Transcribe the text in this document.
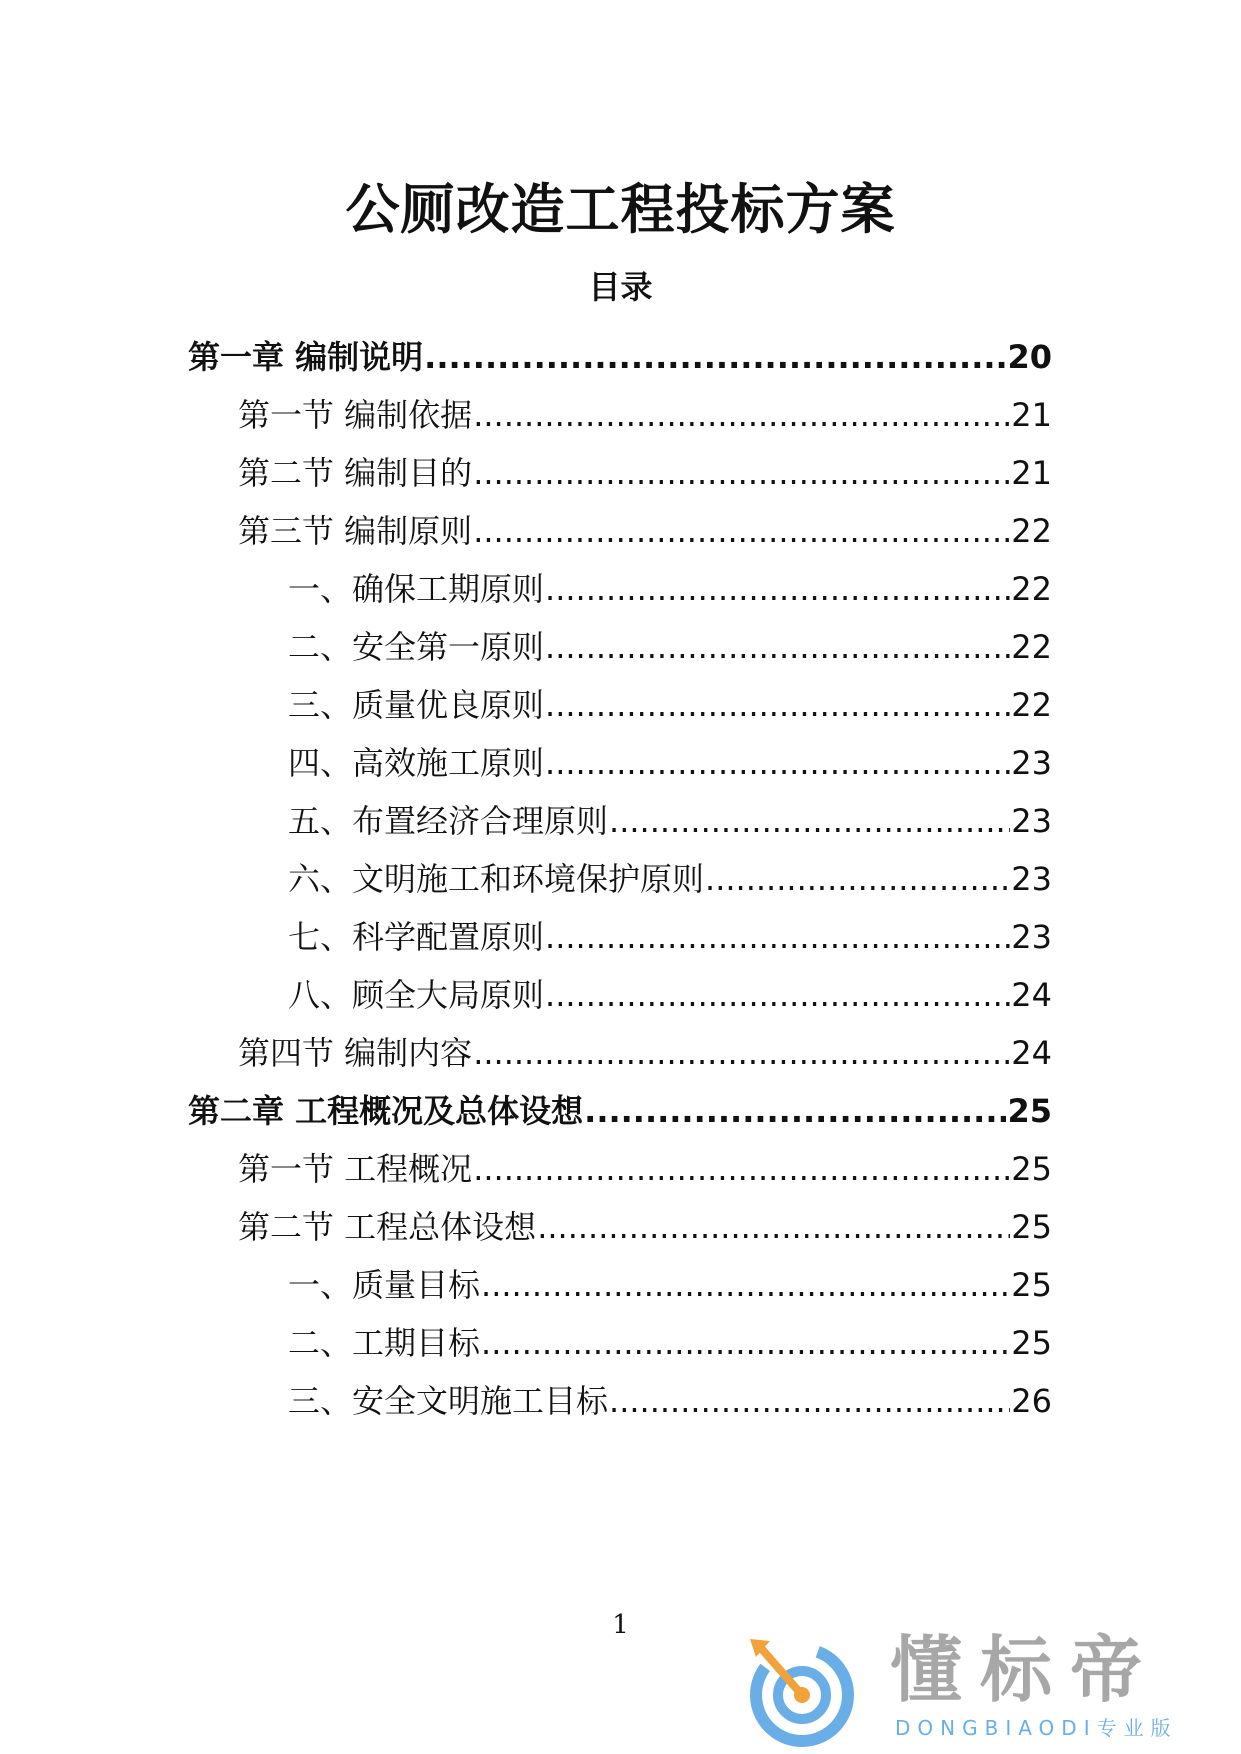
公厕改造工程投标方案
目录
第一章 编制说明 .....	20
第一节 编制依据 .....	21
第二节 编制目的 .....	21
第三节 编制原则 .....	22
一、确保工期原则 .....	22
二、安全第一原则 .....	22
三、质量优良原则 .....	22
四、高效施工原则 .....	23
五、布置经济合理原则 .....	23
六、文明施工和环境保护原则 .....	23
七、科学配置原则 .....	23
八、顾全大局原则 .....	24
第四节 编制内容 .....	24
第二章 工程概况及总体设想 .....	25
第一节 工程概况 .....	25
第二节 工程总体设想 .....	25
一、质量目标 .....	25
二、工期目标 .....	25
三、安全文明施工目标 .....	26
1
懂标帝
DONGBIAODI专业版
